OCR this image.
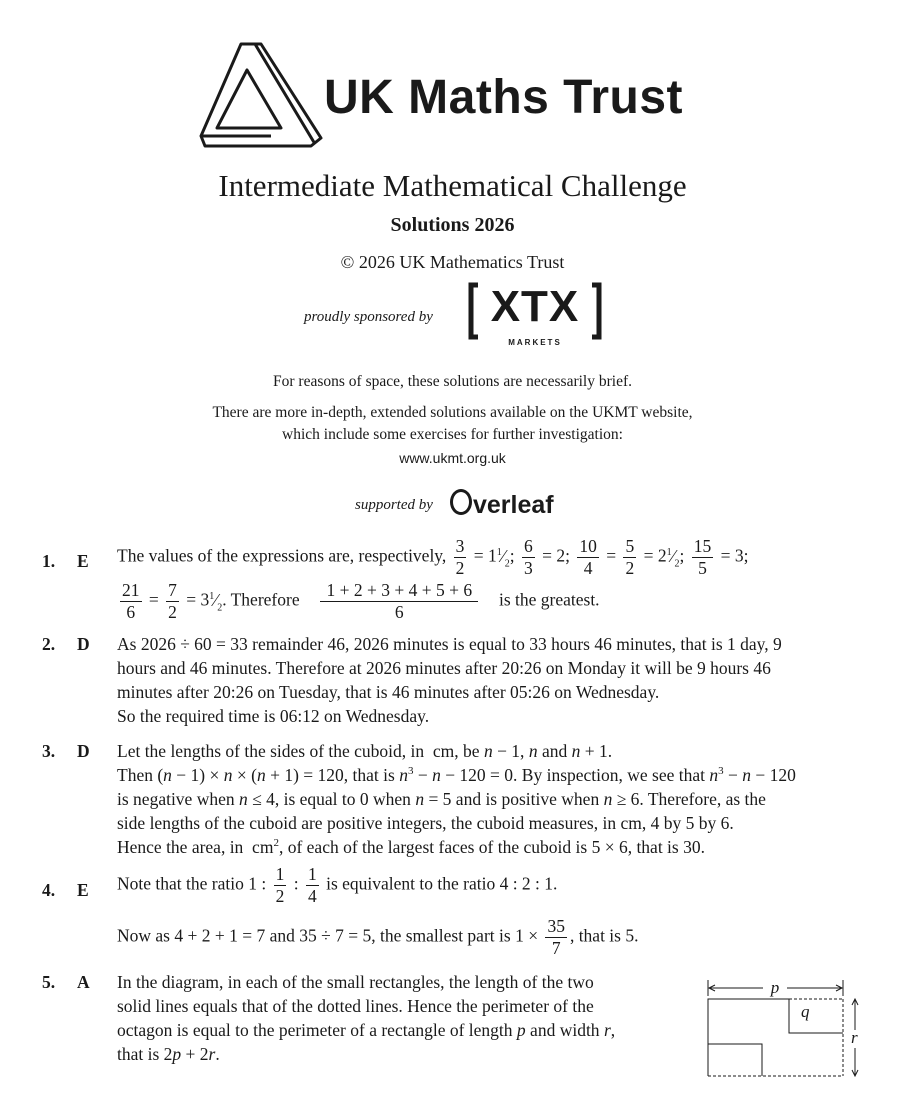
UK Maths Trust
Intermediate Mathematical Challenge
Solutions 2026
© 2026 UK Mathematics Trust
proudly sponsored by	XTX
MARKETS
For reasons of space, these solutions are necessarily brief.
There are more in-depth, extended solutions available on the UKMT website,
which include some exercises for further investigation:
www.ukmt.org.uk
supported by	verleaf
1. E The values of the expressions are, respectively, $\frac{3}{2}$ = $1^1⁄_2$; $\frac{6}{3} = 2$; $\frac{10}{4} = \frac{5}{2}$ = $2^1⁄_2$; $\frac{15}{5} = 3$;
$\frac{21}{6} = \frac{7}{2}$ = $3^1⁄_2$. Therefore $\frac{1 + 2 + 3 + 4 + 5 + 6}{6}$ is the greatest.
2. D As 2026 ÷ 60 = 33 remainder 46, 2026 minutes is equal to 33 hours 46 minutes, that is 1 day, 9
hours and 46 minutes. Therefore at 2026 minutes after 20:26 on Monday it will be 9 hours 46
minutes after 20:26 on Tuesday, that is 46 minutes after 05:26 on Wednesday.
So the required time is 06:12 on Wednesday.
3. D Let the lengths of the sides of the cuboid, in  cm, be n − 1, n and n + 1.
Then (n − 1) × n × (n + 1) = 120, that is $n^3 - n - 120 = 0$. By inspection, we see that $n^3 - n - 120$
is negative when n ≤ 4, is equal to 0 when n = 5 and is positive when n ≥ 6. Therefore, as the
side lengths of the cuboid are positive integers, the cuboid measures, in cm, 4 by 5 by 6.
Hence the area, in  $cm^2$, of each of the largest faces of the cuboid is 5 × 6, that is 30.
4. E Note that the ratio 1 : $\frac{1}{2}$ : $\frac{1}{4}$ is equivalent to the ratio 4 : 2 : 1.
Now as 4 + 2 + 1 = 7 and 35 ÷ 7 = 5, the smallest part is $1 \times \frac{35}{7}$ , that is 5.
5. A In the diagram, in each of the small rectangles, the length of the two
solid lines equals that of the dotted lines. Hence the perimeter of the
octagon is equal to the perimeter of a rectangle of length p and width r,
that is 2p + 2r.
p
q
r
